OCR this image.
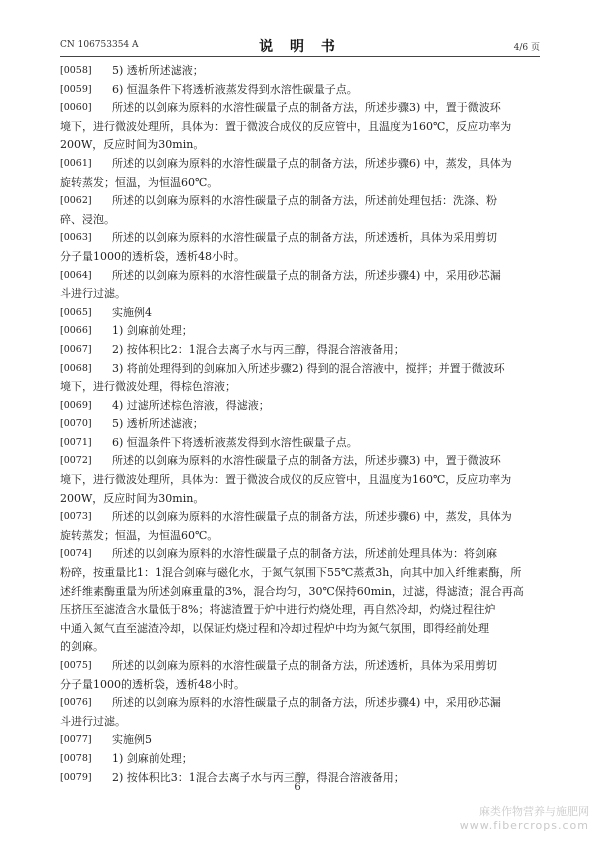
CN 106753354 A	说 明 书	4/6 页
[0058] 5) 透析所述滤液；
[0059] 6) 恒温条件下将透析液蒸发得到水溶性碳量子点。
[0060] 所述的以剑麻为原料的水溶性碳量子点的制备方法，所述步骤3) 中，置于微波环
境下，进行微波处理所，具体为：置于微波合成仪的反应管中，且温度为160℃，反应功率为
200W，反应时间为30min。
[0061] 所述的以剑麻为原料的水溶性碳量子点的制备方法，所述步骤6) 中，蒸发，具体为
旋转蒸发；恒温，为恒温60℃。
[0062] 所述的以剑麻为原料的水溶性碳量子点的制备方法，所述前处理包括：洗涤、粉
碎、浸泡。
[0063] 所述的以剑麻为原料的水溶性碳量子点的制备方法，所述透析，具体为采用剪切
分子量1000的透析袋，透析48小时。
[0064] 所述的以剑麻为原料的水溶性碳量子点的制备方法，所述步骤4) 中，采用砂芯漏
斗进行过滤。
[0065] 实施例4
[0066] 1) 剑麻前处理；
[0067] 2) 按体积比2：1混合去离子水与丙三醇，得混合溶液备用；
[0068] 3) 将前处理得到的剑麻加入所述步骤2) 得到的混合溶液中，搅拌；并置于微波环
境下，进行微波处理，得棕色溶液；
[0069] 4) 过滤所述棕色溶液，得滤液；
[0070] 5) 透析所述滤液；
[0071] 6) 恒温条件下将透析液蒸发得到水溶性碳量子点。
[0072] 所述的以剑麻为原料的水溶性碳量子点的制备方法，所述步骤3) 中，置于微波环
境下，进行微波处理所，具体为：置于微波合成仪的反应管中，且温度为160℃，反应功率为
200W，反应时间为30min。
[0073] 所述的以剑麻为原料的水溶性碳量子点的制备方法，所述步骤6) 中，蒸发，具体为
旋转蒸发；恒温，为恒温60℃。
[0074] 所述的以剑麻为原料的水溶性碳量子点的制备方法，所述前处理具体为：将剑麻
粉碎，按重量比1：1混合剑麻与磁化水，于氮气氛围下55℃蒸煮3h，向其中加入纤维素酶，所
述纤维素酶重量为所述剑麻重量的3%，混合均匀，30℃保持60min，过滤，得滤渣；混合再高
压挤压至滤渣含水量低于8%；将滤渣置于炉中进行灼烧处理，再自然冷却，灼烧过程往炉
中通入氮气直至滤渣冷却，以保证灼烧过程和冷却过程炉中均为氮气氛围，即得经前处理
的剑麻。
[0075] 所述的以剑麻为原料的水溶性碳量子点的制备方法，所述透析，具体为采用剪切
分子量1000的透析袋，透析48小时。
[0076] 所述的以剑麻为原料的水溶性碳量子点的制备方法，所述步骤4) 中，采用砂芯漏
斗进行过滤。
[0077] 实施例5
[0078] 1) 剑麻前处理；
[0079] 2) 按体积比3：1混合去离子水与丙三醇，得混合溶液备用；
6
麻类作物营养与施肥网
www.fibercrops.com
